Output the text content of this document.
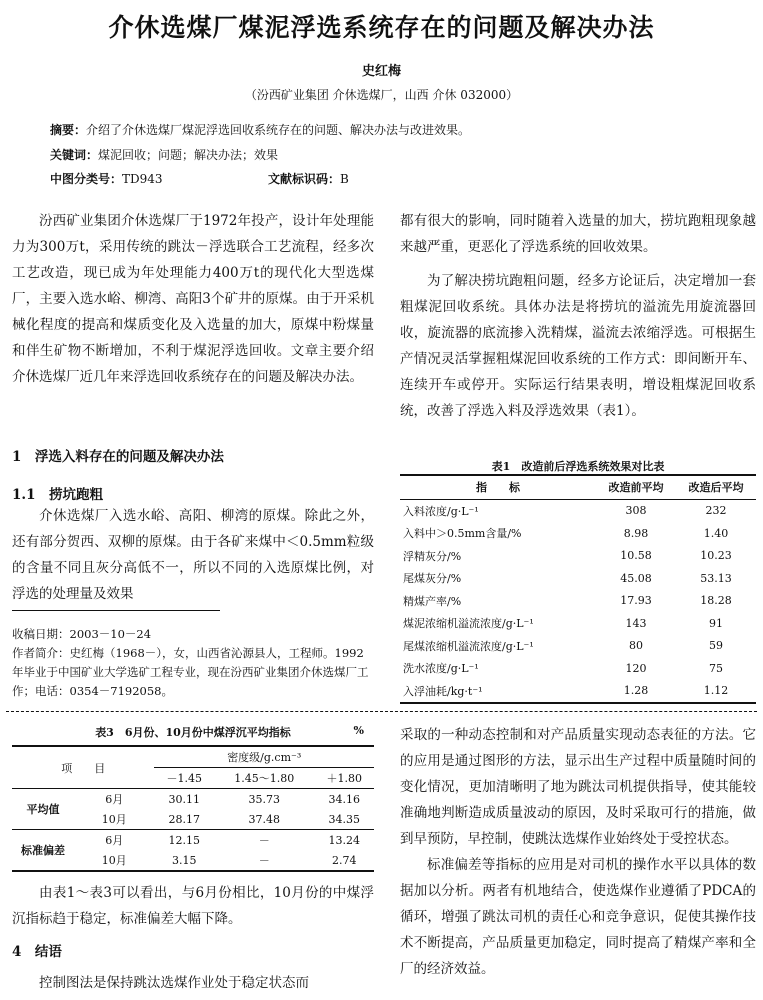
介休选煤厂煤泥浮选系统存在的问题及解决办法
史红梅
（汾西矿业集团 介休选煤厂，山西 介休 032000）
摘要：介绍了介休选煤厂煤泥浮选回收系统存在的问题、解决办法与改进效果。
关键词：煤泥回收；问题；解决办法；效果
中图分类号：TD943	文献标识码：B

汾西矿业集团介休选煤厂于1972年投产，设计年处理能力为300万t，采用传统的跳汰－浮选联合工艺流程，经多次工艺改造，现已成为年处理能力400万t的现代化大型选煤厂，主要入选水峪、柳湾、高阳3个矿井的原煤。由于开采机械化程度的提高和煤质变化及入选量的加大，原煤中粉煤量和伴生矿物不断增加，不利于煤泥浮选回收。文章主要介绍介休选煤厂近几年来浮选回收系统存在的问题及解决办法。

1　浮选入料存在的问题及解决办法
1.1　捞坑跑粗

介休选煤厂入选水峪、高阳、柳湾的原煤。除此之外，还有部分贺西、双柳的原煤。由于各矿来煤中＜0.5mm粒级的含量不同且灰分高低不一，所以不同的入选原煤比例，对浮选的处理量及效果

收稿日期：2003－10－24
作者简介：史红梅（1968－），女，山西省沁源县人，工程师。1992年毕业于中国矿业大学选矿工程专业，现在汾西矿业集团介休选煤厂工作；电话：0354－7192058。

都有很大的影响，同时随着入选量的加大，捞坑跑粗现象越来越严重，更恶化了浮选系统的回收效果。

为了解决捞坑跑粗问题，经多方论证后，决定增加一套粗煤泥回收系统。具体办法是将捞坑的溢流先用旋流器回收，旋流器的底流掺入洗精煤，溢流去浓缩浮选。可根据生产情况灵活掌握粗煤泥回收系统的工作方式：即间断开车、连续开车或停开。实际运行结果表明，增设粗煤泥回收系统，改善了浮选入料及浮选效果（表1）。

表1　改造前后浮选系统效果对比表
指　　标	改造前平均	改造后平均
入料浓度/g·L⁻¹	308	232
入料中＞0.5mm含量/%	8.98	1.40
浮精灰分/%	10.58	10.23
尾煤灰分/%	45.08	53.13
精煤产率/%	17.93	18.28
煤泥浓缩机溢流浓度/g·L⁻¹	143	91
尾煤浓缩机溢流浓度/g·L⁻¹	80	59
洗水浓度/g·L⁻¹	120	75
入浮油耗/kg·t⁻¹	1.28	1.12
表3　6月份、10月份中煤浮沉平均指标	%
项　　目		密度级/g.cm⁻³		
		－1.45	1.45～1.80	＋1.80
平均值	6月	30.11	35.73	34.16
	10月	28.17	37.48	34.35
标准偏差	6月	12.15	－	13.24
	10月	3.15	－	2.74

由表1～表3可以看出，与6月份相比，10月份的中煤浮沉指标趋于稳定，标准偏差大幅下降。

4　结语

控制图法是保持跳汰选煤作业处于稳定状态而

采取的一种动态控制和对产品质量实现动态表征的方法。它的应用是通过图形的方法，显示出生产过程中质量随时间的变化情况，更加清晰明了地为跳汰司机提供指导，使其能较准确地判断造成质量波动的原因，及时采取可行的措施，做到早预防，早控制，使跳汰选煤作业始终处于受控状态。

标准偏差等指标的应用是对司机的操作水平以具体的数据加以分析。两者有机地结合，使选煤作业遵循了PDCA的循环，增强了跳汰司机的责任心和竞争意识，促使其操作技术不断提高，产品质量更加稳定，同时提高了精煤产率和全厂的经济效益。
